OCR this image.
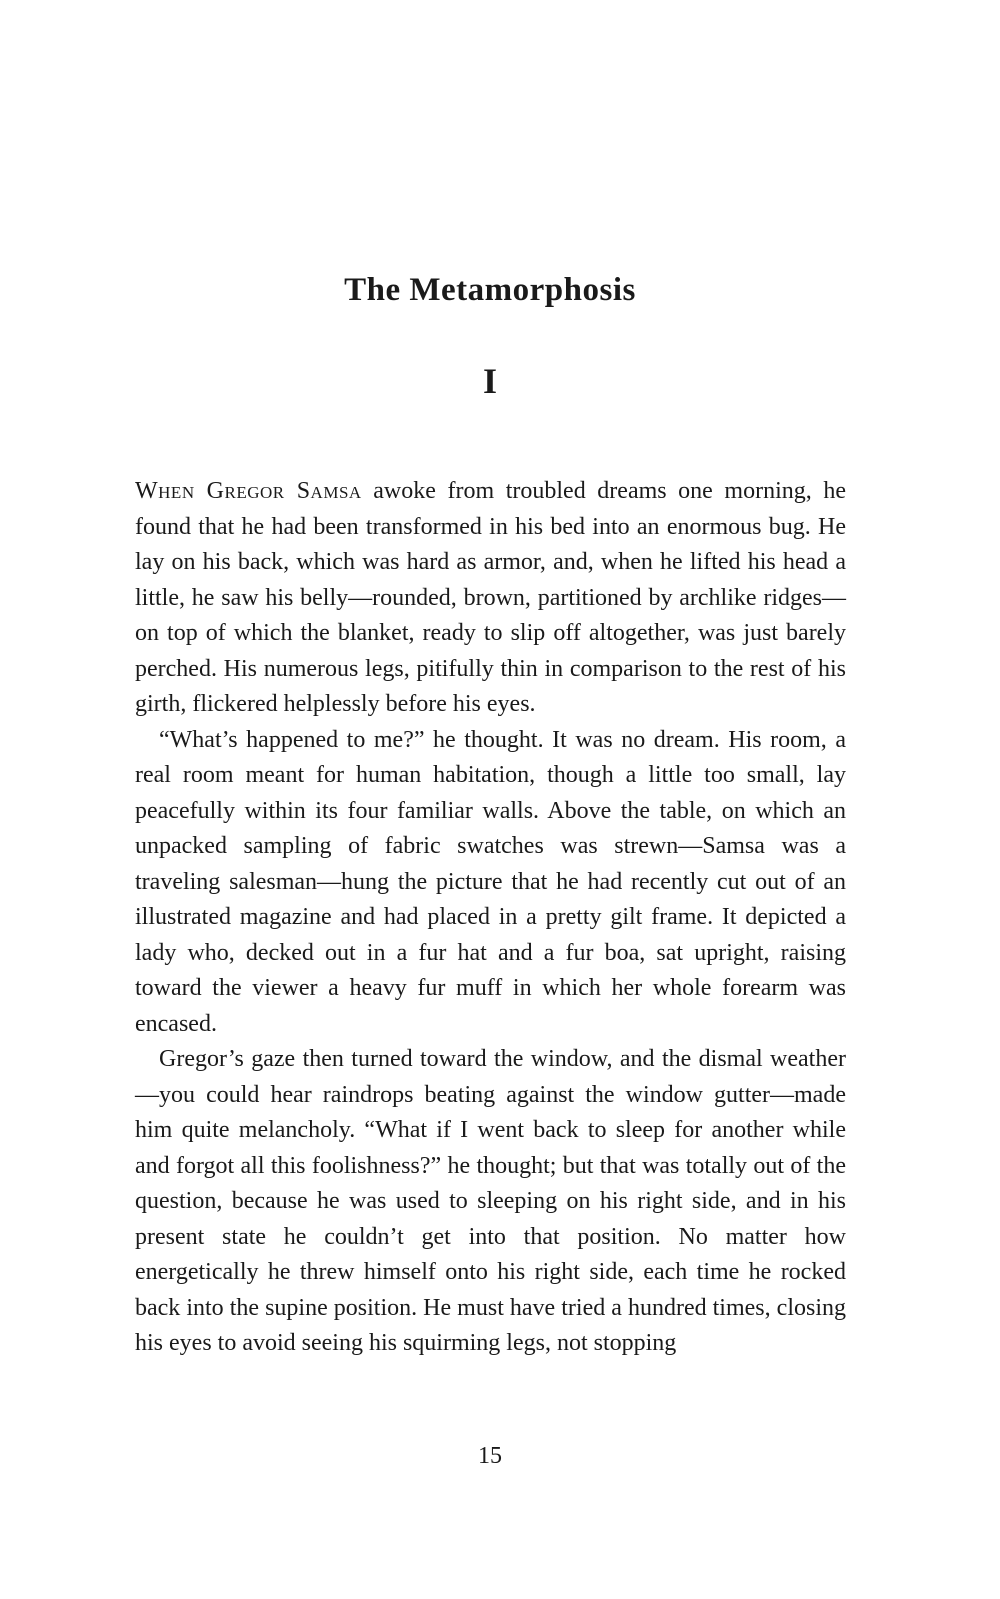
The Metamorphosis
I

When Gregor Samsa awoke from troubled dreams one morning, he found that he had been transformed in his bed into an enormous bug. He lay on his back, which was hard as armor, and, when he lifted his head a little, he saw his belly—rounded, brown, partitioned by archlike ridges—on top of which the blanket, ready to slip off altogether, was just barely perched. His numerous legs, pitifully thin in comparison to the rest of his girth, flickered helplessly before his eyes.

“What’s happened to me?” he thought. It was no dream. His room, a real room meant for human habitation, though a little too small, lay peacefully within its four familiar walls. Above the table, on which an unpacked sampling of fabric swatches was strewn—Samsa was a traveling salesman—hung the picture that he had recently cut out of an illustrated magazine and had placed in a pretty gilt frame. It depicted a lady who, decked out in a fur hat and a fur boa, sat upright, raising toward the viewer a heavy fur muff in which her whole forearm was encased.

Gregor’s gaze then turned toward the window, and the dismal weather—you could hear raindrops beating against the window gutter—made him quite melancholy. “What if I went back to sleep for another while and forgot all this foolishness?” he thought; but that was totally out of the question, because he was used to sleeping on his right side, and in his present state he couldn’t get into that position. No matter how energetically he threw himself onto his right side, each time he rocked back into the supine position. He must have tried a hundred times, closing his eyes to avoid seeing his squirming legs, not stopping

15
